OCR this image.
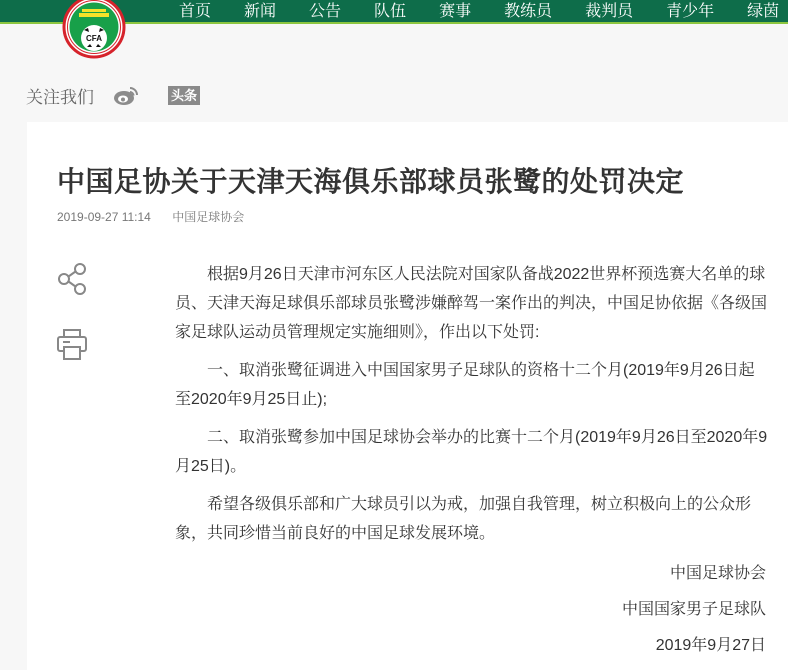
首页 新闻 公告 队伍 赛事 教练员 裁判员 青少年 绿茵
CFA
关注我们	头条
中国足协关于天津天海俱乐部球员张鹭的处罚决定
2019-09-27 11:14 中国足球协会

根据9月26日天津市河东区人民法院对国家队备战2022世界杯预选赛大名单的球员、天津天海足球俱乐部球员张鹭涉嫌醉驾一案作出的判决，中国足协依据《各级国家足球队运动员管理规定实施细则》，作出以下处罚:

一、取消张鹭征调进入中国国家男子足球队的资格十二个月(2019年9月26日起至2020年9月25日止);

二、取消张鹭参加中国足球协会举办的比赛十二个月(2019年9月26日至2020年9月25日)。

希望各级俱乐部和广大球员引以为戒，加强自我管理，树立积极向上的公众形象，共同珍惜当前良好的中国足球发展环境。

中国足球协会
中国国家男子足球队
2019年9月27日
